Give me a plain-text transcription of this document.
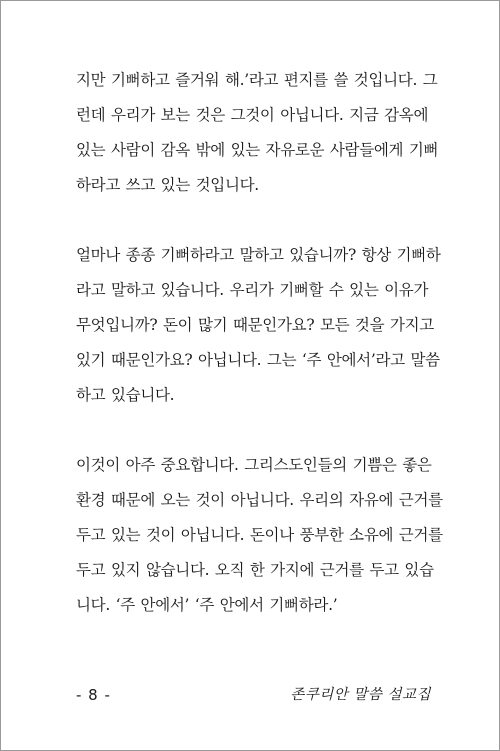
지만 기뻐하고 즐거워 해.’라고 편지를 쓸 것입니다. 그
런데 우리가 보는 것은 그것이 아닙니다. 지금 감옥에
있는 사람이 감옥 밖에 있는 자유로운 사람들에게 기뻐
하라고 쓰고 있는 것입니다.

얼마나 종종 기뻐하라고 말하고 있습니까? 항상 기뻐하
라고 말하고 있습니다. 우리가 기뻐할 수 있는 이유가
무엇입니까? 돈이 많기 때문인가요? 모든 것을 가지고
있기 때문인가요? 아닙니다. 그는 ‘주 안에서’라고 말씀
하고 있습니다.

이것이 아주 중요합니다. 그리스도인들의 기쁨은 좋은
환경 때문에 오는 것이 아닙니다. 우리의 자유에 근거를
두고 있는 것이 아닙니다. 돈이나 풍부한 소유에 근거를
두고 있지 않습니다. 오직 한 가지에 근거를 두고 있습
니다. ‘주 안에서’ ‘주 안에서 기뻐하라.’

- 8 -	존쿠리안 말씀 설교집
